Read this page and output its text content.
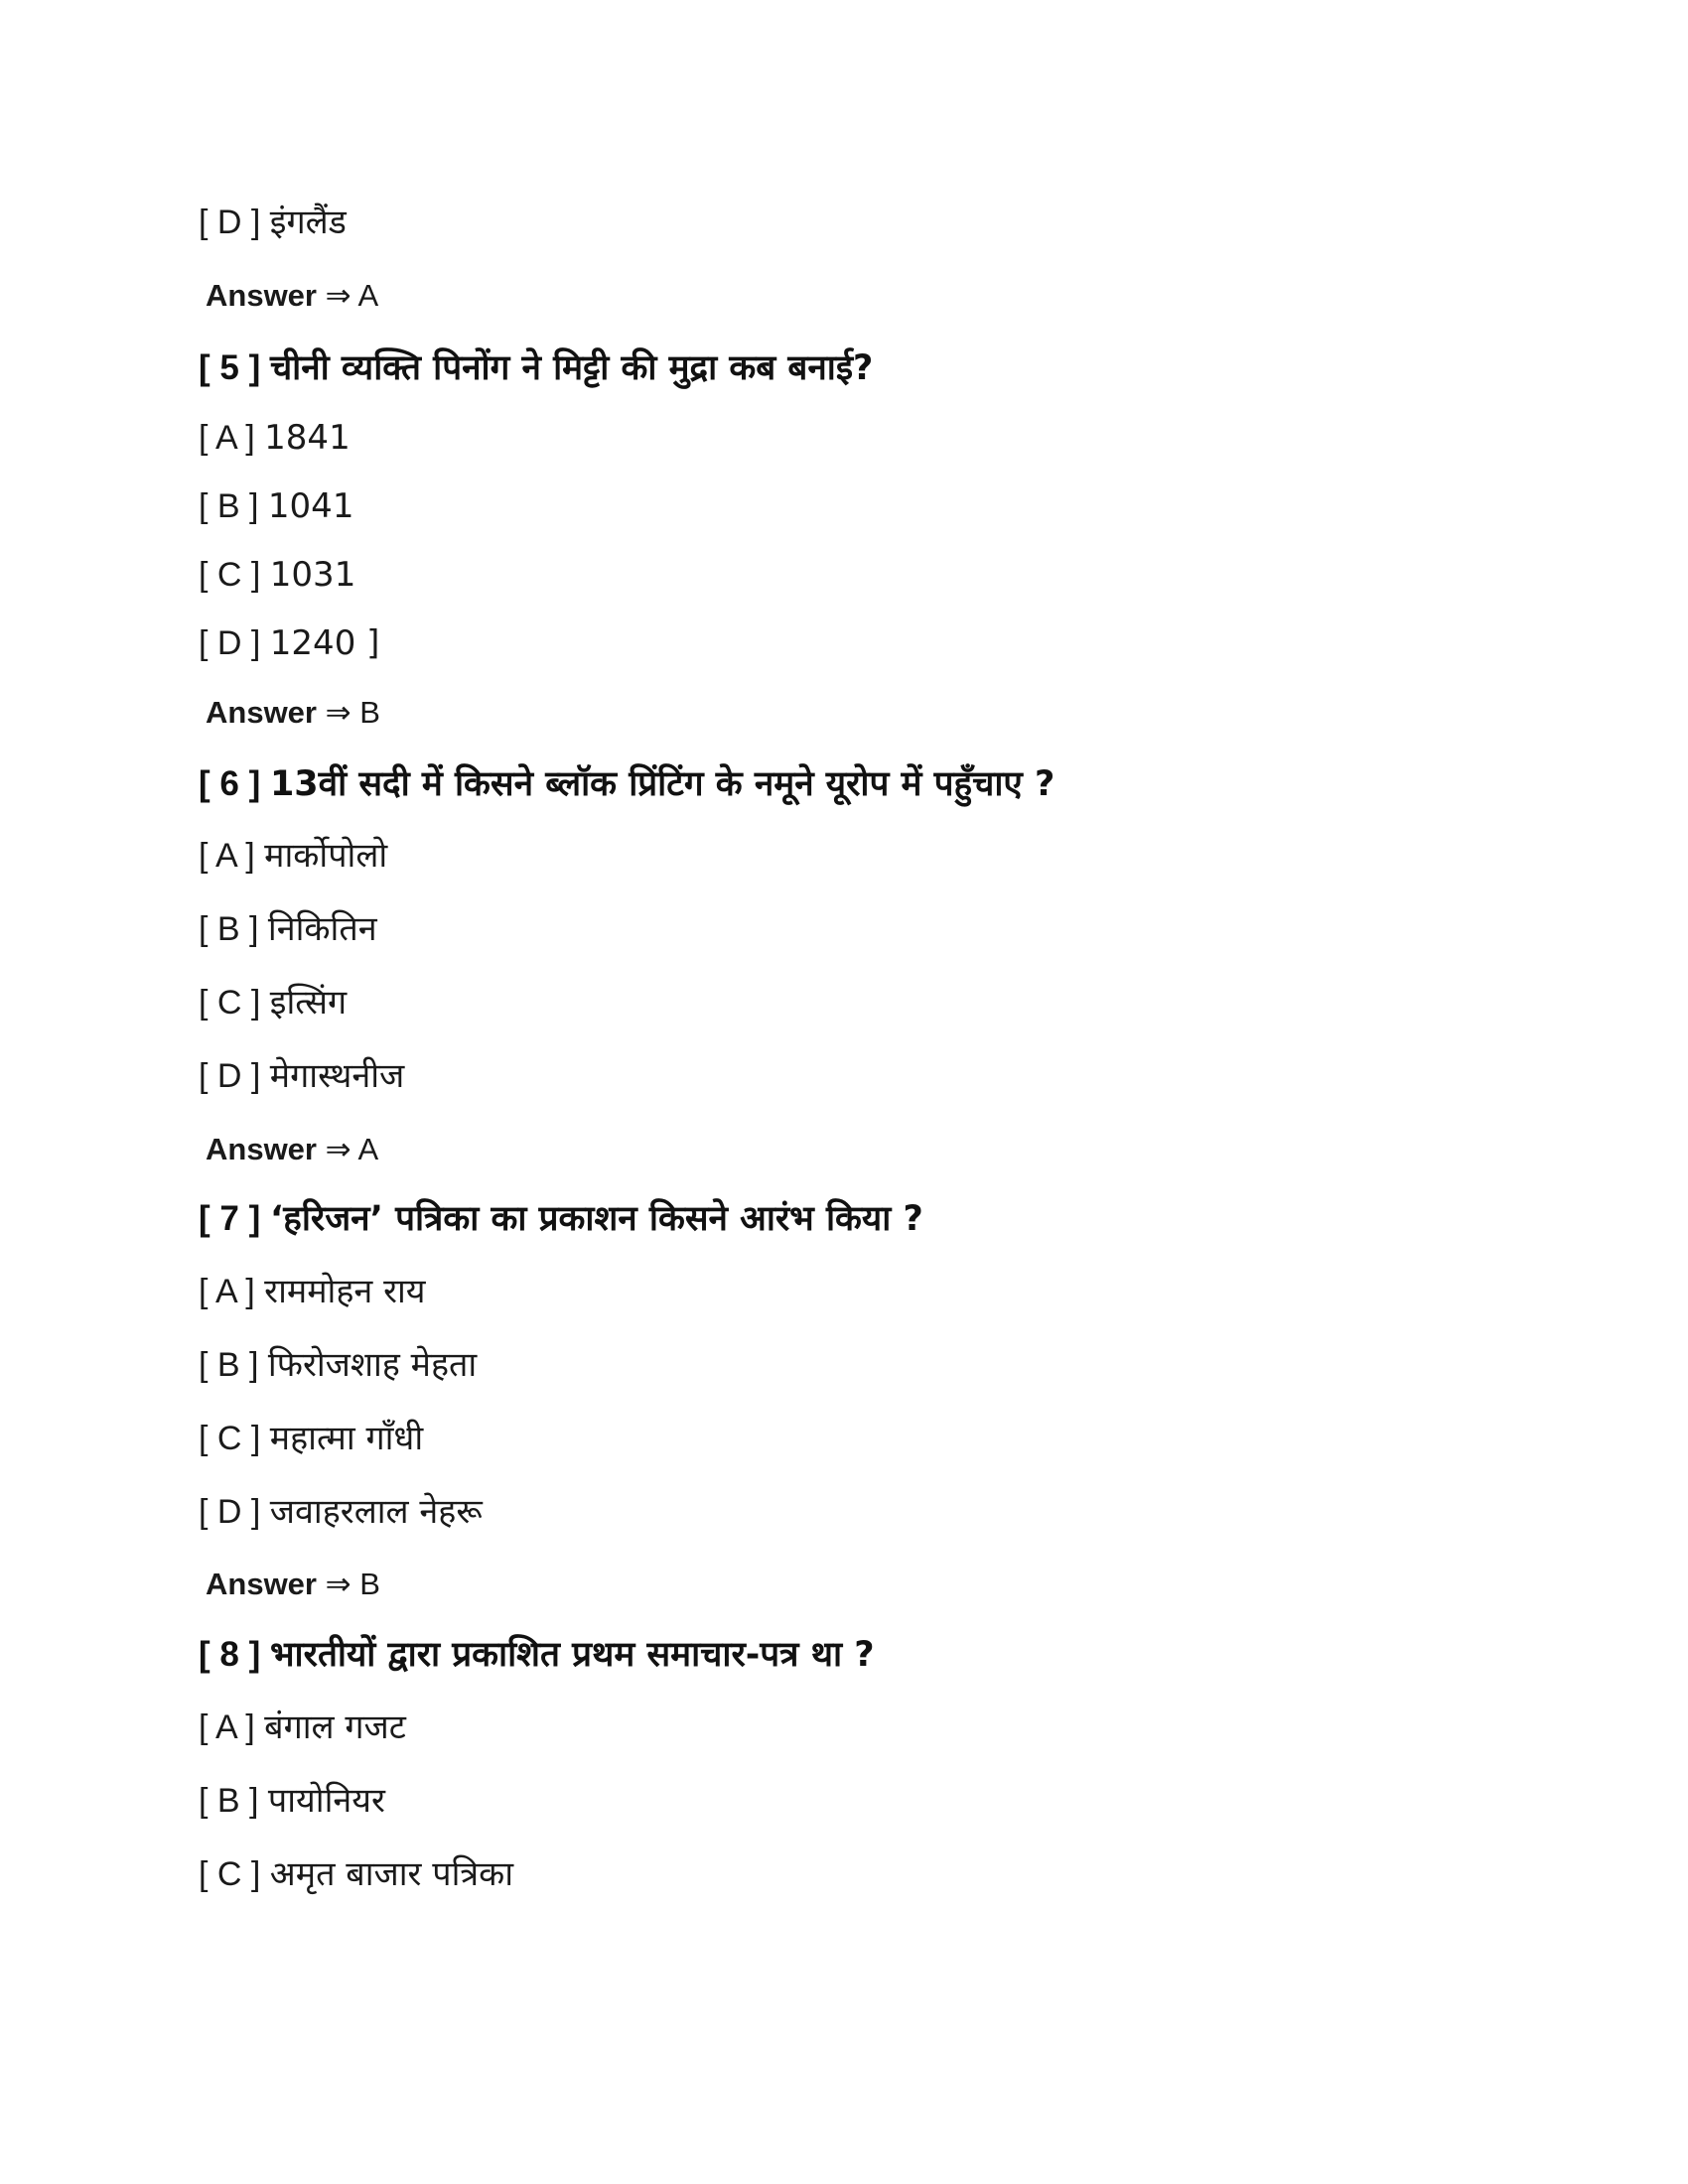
[ D ] इंगलैंड
Answer ⇒ A
[ 5 ] चीनी व्यक्ति पिनोंग ने मिट्टी की मुद्रा कब बनाई?
[ A ] 1841
[ B ] 1041
[ C ] 1031
[ D ] 1240 ]
Answer ⇒ B
[ 6 ] 13वीं सदी में किसने ब्लॉक प्रिंटिंग के नमूने यूरोप में पहुँचाए ?
[ A ] मार्कोपोलो
[ B ] निकितिन
[ C ] इत्सिंग
[ D ] मेगास्थनीज
Answer ⇒ A
[ 7 ] ‘हरिजन’ पत्रिका का प्रकाशन किसने आरंभ किया ?
[ A ] राममोहन राय
[ B ] फिरोजशाह मेहता
[ C ] महात्मा गाँधी
[ D ] जवाहरलाल नेहरू
Answer ⇒ B
[ 8 ] भारतीयों द्वारा प्रकाशित प्रथम समाचार-पत्र था ?
[ A ] बंगाल गजट
[ B ] पायोनियर
[ C ] अमृत बाजार पत्रिका
